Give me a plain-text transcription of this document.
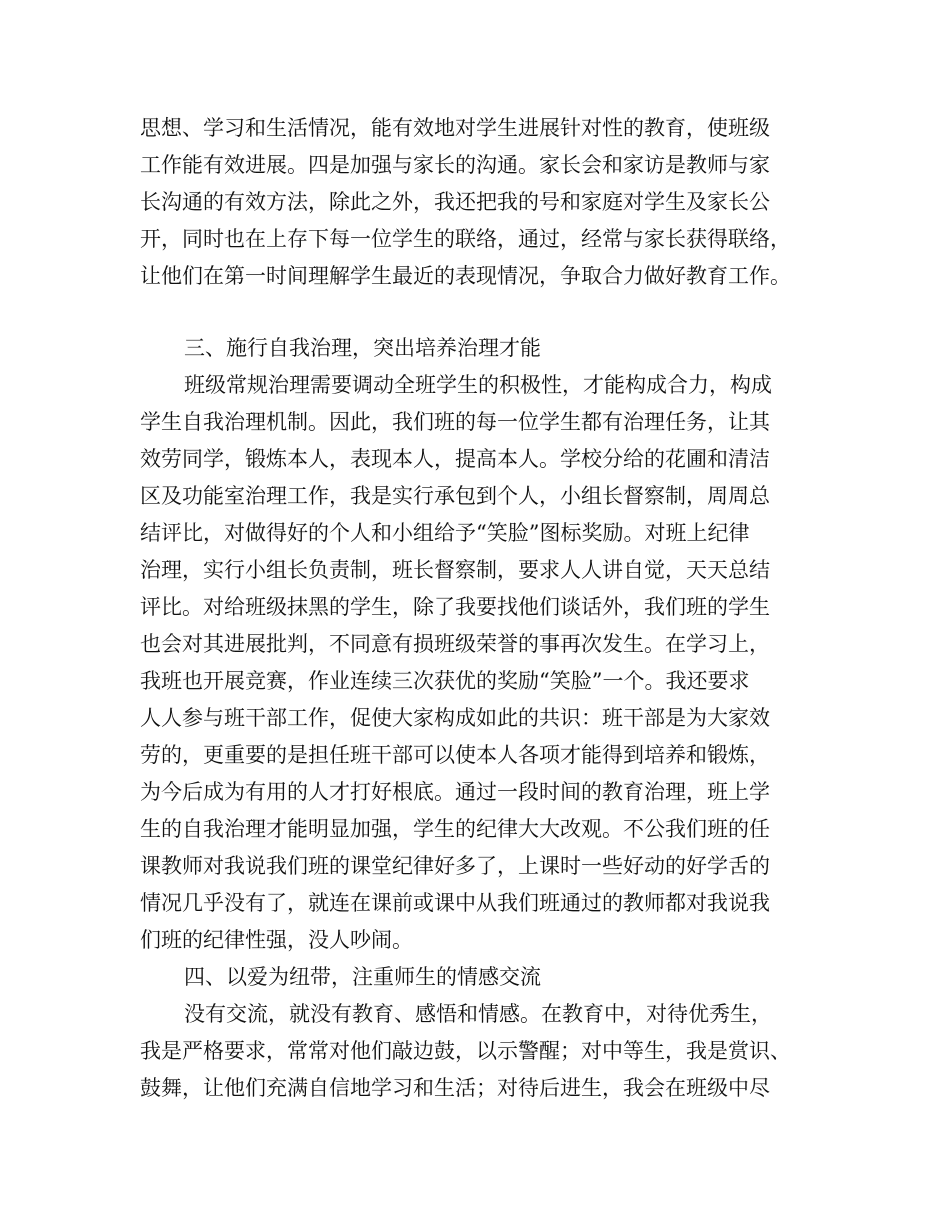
思想、学习和生活情况，能有效地对学生进展针对性的教育，使班级
工作能有效进展。四是加强与家长的沟通。家长会和家访是教师与家
长沟通的有效方法，除此之外，我还把我的号和家庭对学生及家长公
开，同时也在上存下每一位学生的联络，通过，经常与家长获得联络，
让他们在第一时间理解学生最近的表现情况，争取合力做好教育工作。
三、施行自我治理，突出培养治理才能
班级常规治理需要调动全班学生的积极性，才能构成合力，构成
学生自我治理机制。因此，我们班的每一位学生都有治理任务，让其
效劳同学，锻炼本人，表现本人，提高本人。学校分给的花圃和清洁
区及功能室治理工作，我是实行承包到个人，小组长督察制，周周总
结评比，对做得好的个人和小组给予“笑脸”图标奖励。对班上纪律
治理，实行小组长负责制，班长督察制，要求人人讲自觉，天天总结
评比。对给班级抹黑的学生，除了我要找他们谈话外，我们班的学生
也会对其进展批判，不同意有损班级荣誉的事再次发生。在学习上，
我班也开展竞赛，作业连续三次获优的奖励“笑脸”一个。我还要求
人人参与班干部工作，促使大家构成如此的共识：班干部是为大家效
劳的，更重要的是担任班干部可以使本人各项才能得到培养和锻炼，
为今后成为有用的人才打好根底。通过一段时间的教育治理，班上学
生的自我治理才能明显加强，学生的纪律大大改观。不公我们班的任
课教师对我说我们班的课堂纪律好多了，上课时一些好动的好学舌的
情况几乎没有了，就连在课前或课中从我们班通过的教师都对我说我
们班的纪律性强，没人吵闹。
四、以爱为纽带，注重师生的情感交流
没有交流，就没有教育、感悟和情感。在教育中，对待优秀生，
我是严格要求，常常对他们敲边鼓，以示警醒；对中等生，我是赏识、
鼓舞，让他们充满自信地学习和生活；对待后进生，我会在班级中尽
